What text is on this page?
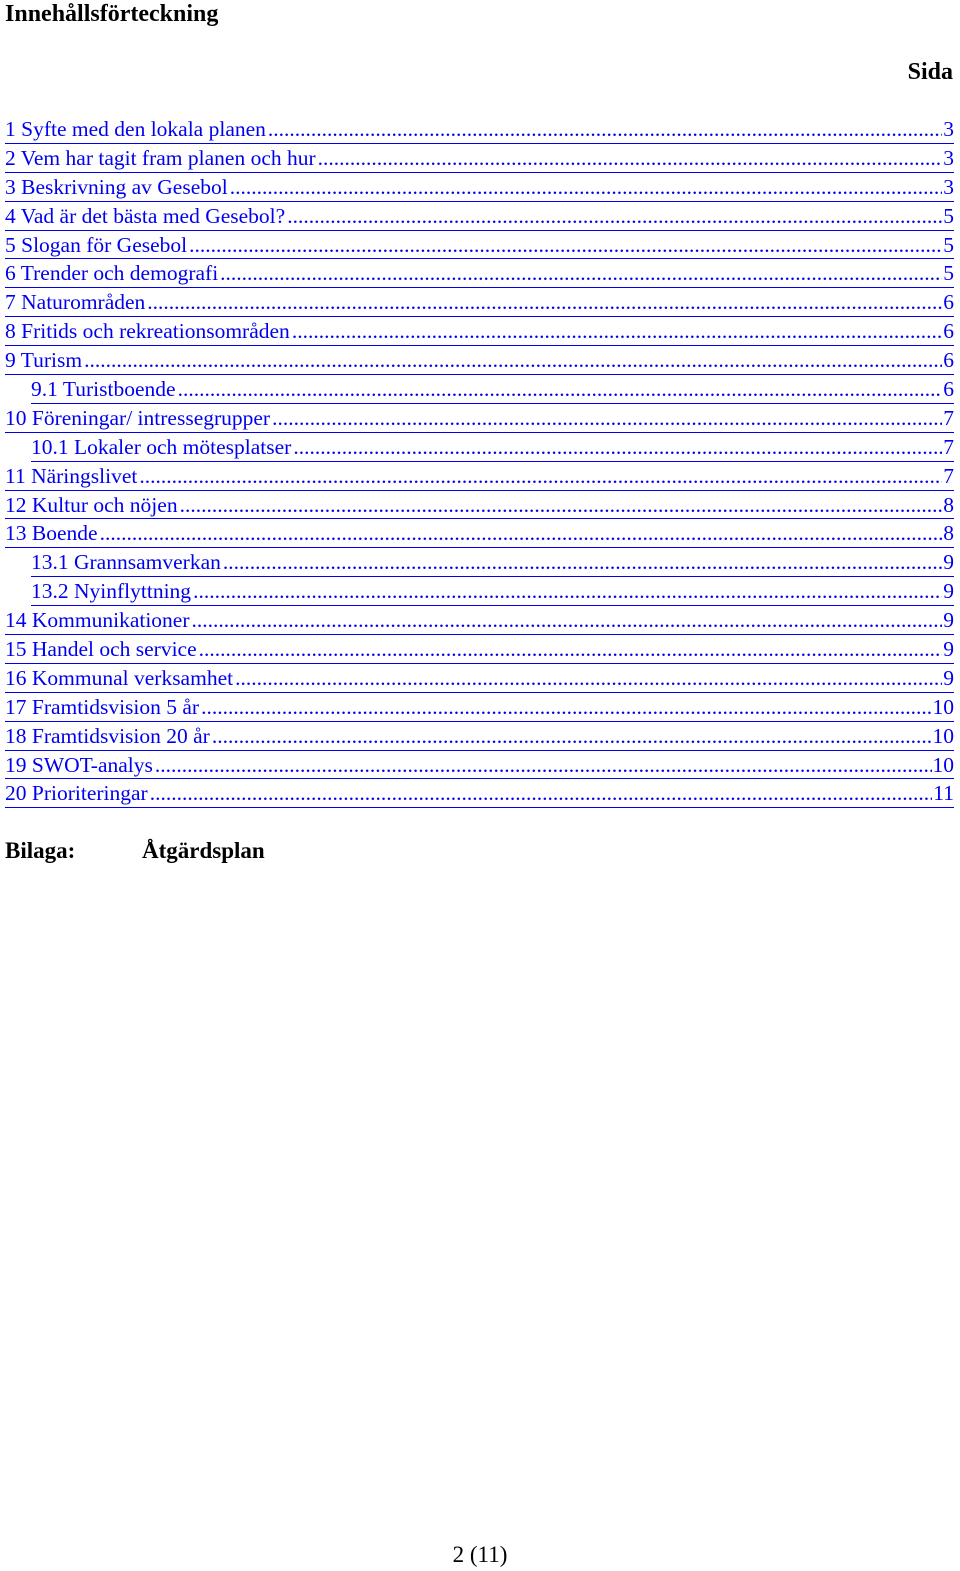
Innehållsförteckning
Sida
1 Syfte med den lokala planen .....	3
2 Vem har tagit fram planen och hur .....	3
3 Beskrivning av Gesebol .....	3
4 Vad är det bästa med Gesebol? .....	5
5 Slogan för Gesebol .....	5
6 Trender och demografi .....	5
7 Naturområden .....	6
8 Fritids och rekreationsområden .....	6
9 Turism .....	6
9.1 Turistboende .....	6
10 Föreningar/ intressegrupper .....	7
10.1 Lokaler och mötesplatser .....	7
11 Näringslivet .....	7
12 Kultur och nöjen .....	8
13 Boende .....	8
13.1 Grannsamverkan .....	9
13.2 Nyinflyttning .....	9
14 Kommunikationer .....	9
15 Handel och service .....	9
16 Kommunal verksamhet .....	9
17 Framtidsvision 5 år .....	10
18 Framtidsvision 20 år .....	10
19 SWOT-analys .....	10
20 Prioriteringar .....	11
Bilaga:	Åtgärdsplan
2 (11)
